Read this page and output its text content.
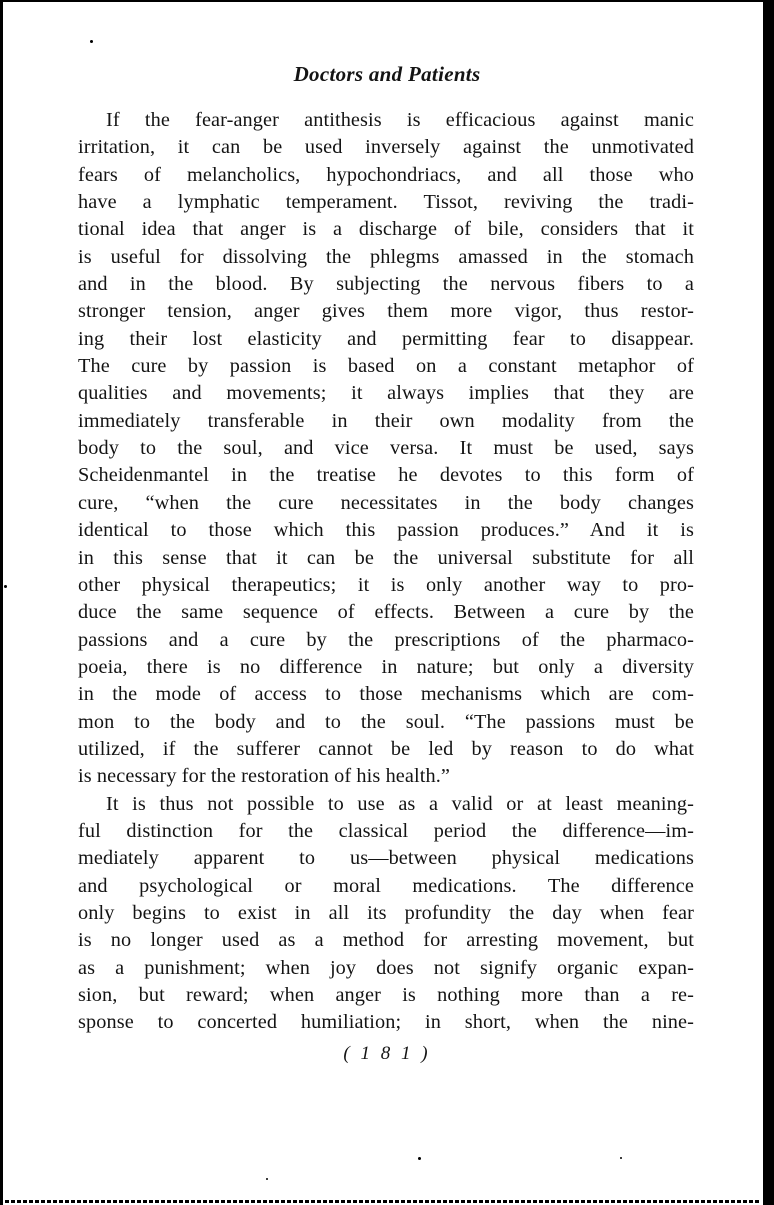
Doctors and Patients
If the fear-anger antithesis is efficacious against manic
irritation, it can be used inversely against the unmotivated
fears of melancholics, hypochondriacs, and all those who
have a lymphatic temperament. Tissot, reviving the tradi-
tional idea that anger is a discharge of bile, considers that it
is useful for dissolving the phlegms amassed in the stomach
and in the blood. By subjecting the nervous fibers to a
stronger tension, anger gives them more vigor, thus restor-
ing their lost elasticity and permitting fear to disappear.
The cure by passion is based on a constant metaphor of
qualities and movements; it always implies that they are
immediately transferable in their own modality from the
body to the soul, and vice versa. It must be used, says
Scheidenmantel in the treatise he devotes to this form of
cure, “when the cure necessitates in the body changes
identical to those which this passion produces.” And it is
in this sense that it can be the universal substitute for all
other physical therapeutics; it is only another way to pro-
duce the same sequence of effects. Between a cure by the
passions and a cure by the prescriptions of the pharmaco-
poeia, there is no difference in nature; but only a diversity
in the mode of access to those mechanisms which are com-
mon to the body and to the soul. “The passions must be
utilized, if the sufferer cannot be led by reason to do what
is necessary for the restoration of his health.”
It is thus not possible to use as a valid or at least meaning-
ful distinction for the classical period the difference—im-
mediately apparent to us—between physical medications
and psychological or moral medications. The difference
only begins to exist in all its profundity the day when fear
is no longer used as a method for arresting movement, but
as a punishment; when joy does not signify organic expan-
sion, but reward; when anger is nothing more than a re-
sponse to concerted humiliation; in short, when the nine-
( 1 8 1 )
